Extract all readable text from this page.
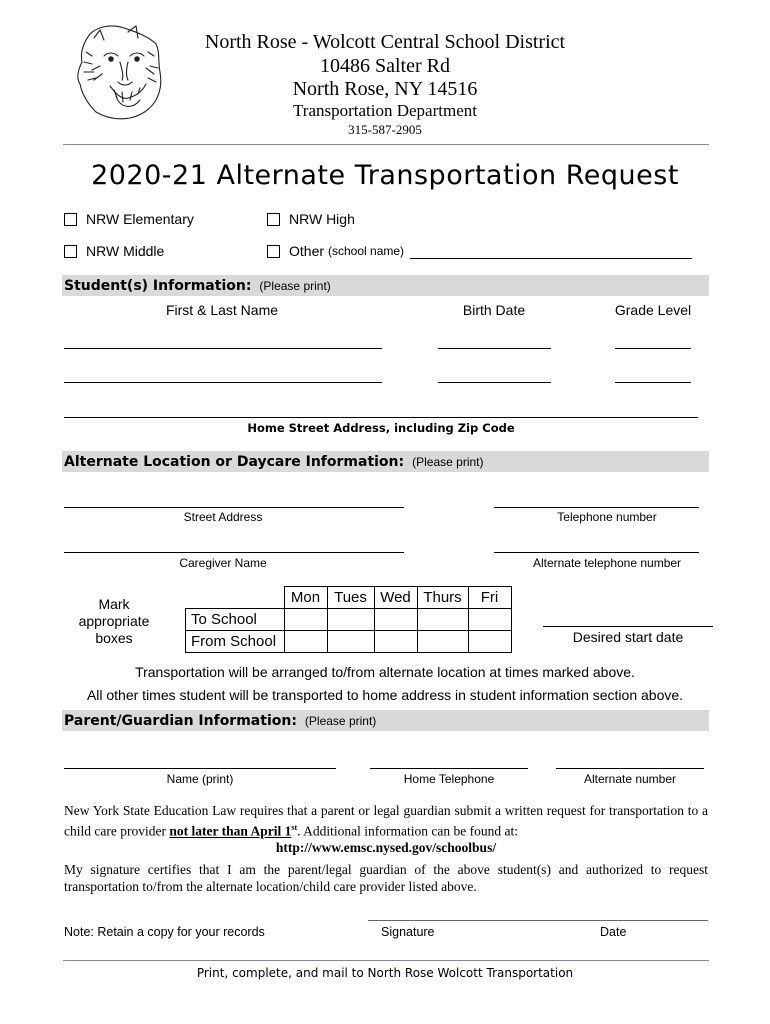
North Rose - Wolcott Central School District
10486 Salter Rd
North Rose, NY 14516
Transportation Department
315-587-2905
2020-21 Alternate Transportation Request
NRW Elementary	NRW High
NRW Middle	Other (school name)
Student(s) Information: (Please print)
First & Last Name	Birth Date	Grade Level
Home Street Address, including Zip Code
Alternate Location or Daycare Information: (Please print)
Street Address	Telephone number
Caregiver Name	Alternate telephone number
Mark
appropriate
boxes
	Mon	Tues	Wed	Thurs	Fri
To School					
From School						Desired start date
Transportation will be arranged to/from alternate location at times marked above.
All other times student will be transported to home address in student information section above.
Parent/Guardian Information: (Please print)
Name (print)	Home Telephone	Alternate number
New York State Education Law requires that a parent or legal guardian submit a written request for transportation to a child care provider not later than April 1st. Additional information can be found at:
http://www.emsc.nysed.gov/schoolbus/
My signature certifies that I am the parent/legal guardian of the above student(s) and authorized to request transportation to/from the alternate location/child care provider listed above.
Note: Retain a copy for your records	Signature	Date
Print, complete, and mail to North Rose Wolcott Transportation
